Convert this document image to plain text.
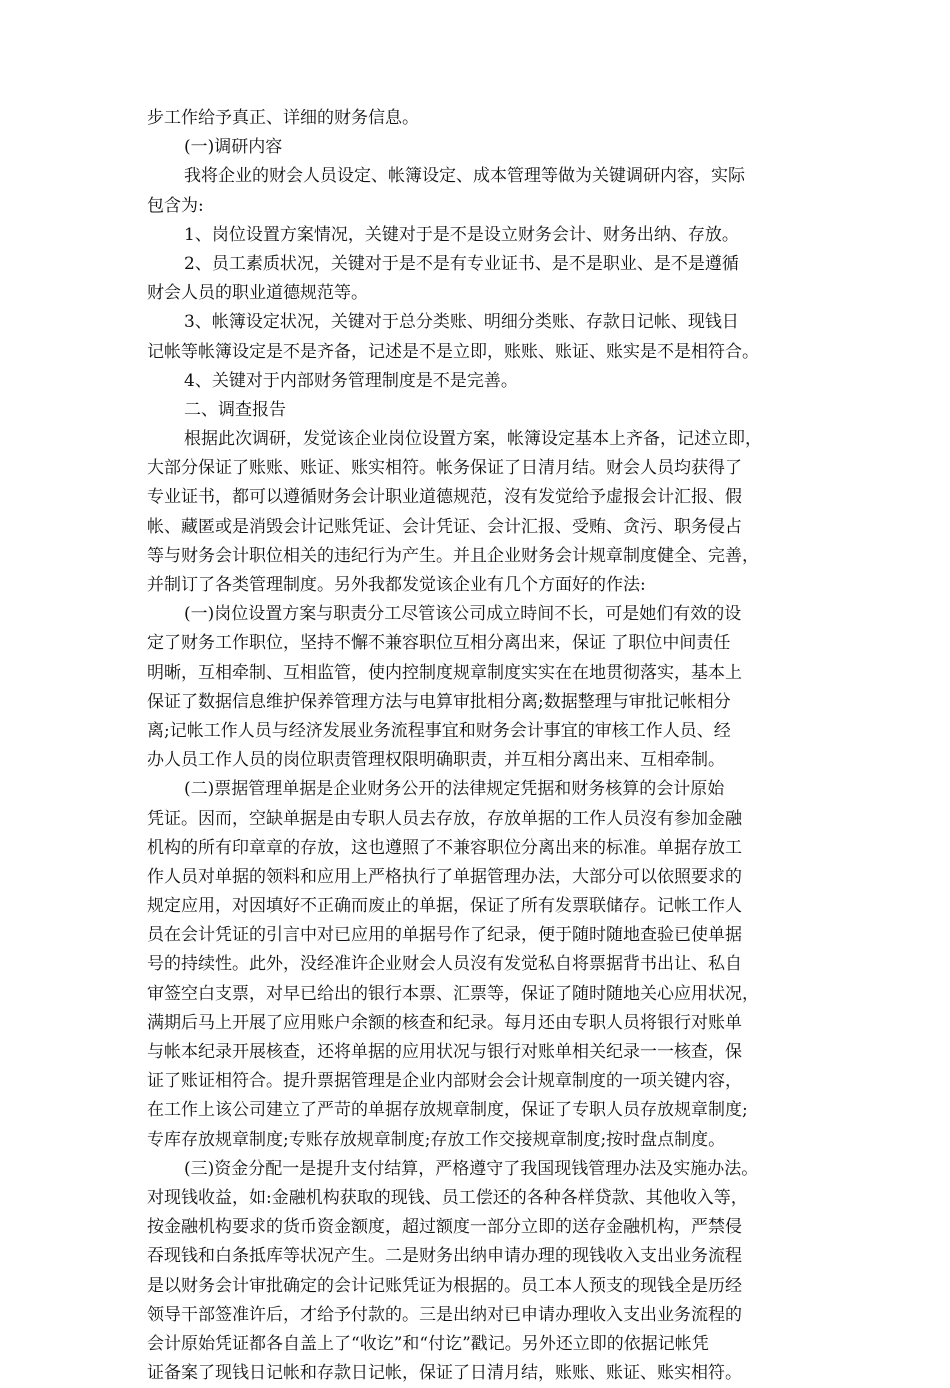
步工作给予真正、详细的财务信息。
(一)调研内容
我将企业的财会人员设定、帐簿设定、成本管理等做为关键调研内容，实际
包含为:
1、岗位设置方案情况，关键对于是不是设立财务会计、财务出纳、存放。
2、员工素质状况，关键对于是不是有专业证书、是不是职业、是不是遵循
财会人员的职业道德规范等。
3、帐簿设定状况，关键对于总分类账、明细分类账、存款日记帐、现钱日
记帐等帐簿设定是不是齐备，记述是不是立即，账账、账证、账实是不是相符合。
4、关键对于内部财务管理制度是不是完善。
二、调查报告
根据此次调研，发觉该企业岗位设置方案，帐簿设定基本上齐备，记述立即，
大部分保证了账账、账证、账实相符。帐务保证了日清月结。财会人员均获得了
专业证书，都可以遵循财务会计职业道德规范，沒有发觉给予虚报会计汇报、假
帐、藏匿或是消毁会计记账凭证、会计凭证、会计汇报、受贿、贪污、职务侵占
等与财务会计职位相关的违纪行为产生。并且企业财务会计规章制度健全、完善，
并制订了各类管理制度。另外我都发觉该企业有几个方面好的作法:
(一)岗位设置方案与职责分工尽管该公司成立時间不长，可是她们有效的设
定了财务工作职位，坚持不懈不兼容职位互相分离出来，保证 了职位中间责任
明晰，互相牵制、互相监管，使内控制度规章制度实实在在地贯彻落实，基本上
保证了数据信息维护保养管理方法与电算审批相分离;数据整理与审批记帐相分
离;记帐工作人员与经济发展业务流程事宜和财务会计事宜的审核工作人员、经
办人员工作人员的岗位职责管理权限明确职责，并互相分离出来、互相牵制。
(二)票据管理单据是企业财务公开的法律规定凭据和财务核算的会计原始
凭证。因而，空缺单据是由专职人员去存放，存放单据的工作人员沒有参加金融
机构的所有印章章的存放，这也遵照了不兼容职位分离出来的标准。单据存放工
作人员对单据的领料和应用上严格执行了单据管理办法，大部分可以依照要求的
规定应用，对因填好不正确而废止的单据，保证了所有发票联储存。记帐工作人
员在会计凭证的引言中对已应用的单据号作了纪录，便于随时随地查验已使单据
号的持续性。此外，没经准许企业财会人员沒有发觉私自将票据背书出让、私自
审签空白支票，对早已给出的银行本票、汇票等，保证了随时随地关心应用状况，
满期后马上开展了应用账户余额的核查和纪录。每月还由专职人员将银行对账单
与帐本纪录开展核查，还将单据的应用状况与银行对账单相关纪录一一核查，保
证了账证相符合。提升票据管理是企业内部财会会计规章制度的一项关键内容，
在工作上该公司建立了严苛的单据存放规章制度，保证了专职人员存放规章制度;
专库存放规章制度;专账存放规章制度;存放工作交接规章制度;按时盘点制度。
(三)资金分配一是提升支付结算，严格遵守了我国现钱管理办法及实施办法。
对现钱收益，如:金融机构获取的现钱、员工偿还的各种各样贷款、其他收入等，
按金融机构要求的货币资金额度，超过额度一部分立即的送存金融机构，严禁侵
吞现钱和白条抵库等状况产生。二是财务出纳申请办理的现钱收入支出业务流程
是以财务会计审批确定的会计记账凭证为根据的。员工本人预支的现钱全是历经
领导干部签准许后，才给予付款的。三是出纳对已申请办理收入支出业务流程的
会计原始凭证都各自盖上了“收讫”和“付讫”戳记。另外还立即的依据记帐凭
证备案了现钱日记帐和存款日记帐，保证了日清月结，账账、账证、账实相符。
